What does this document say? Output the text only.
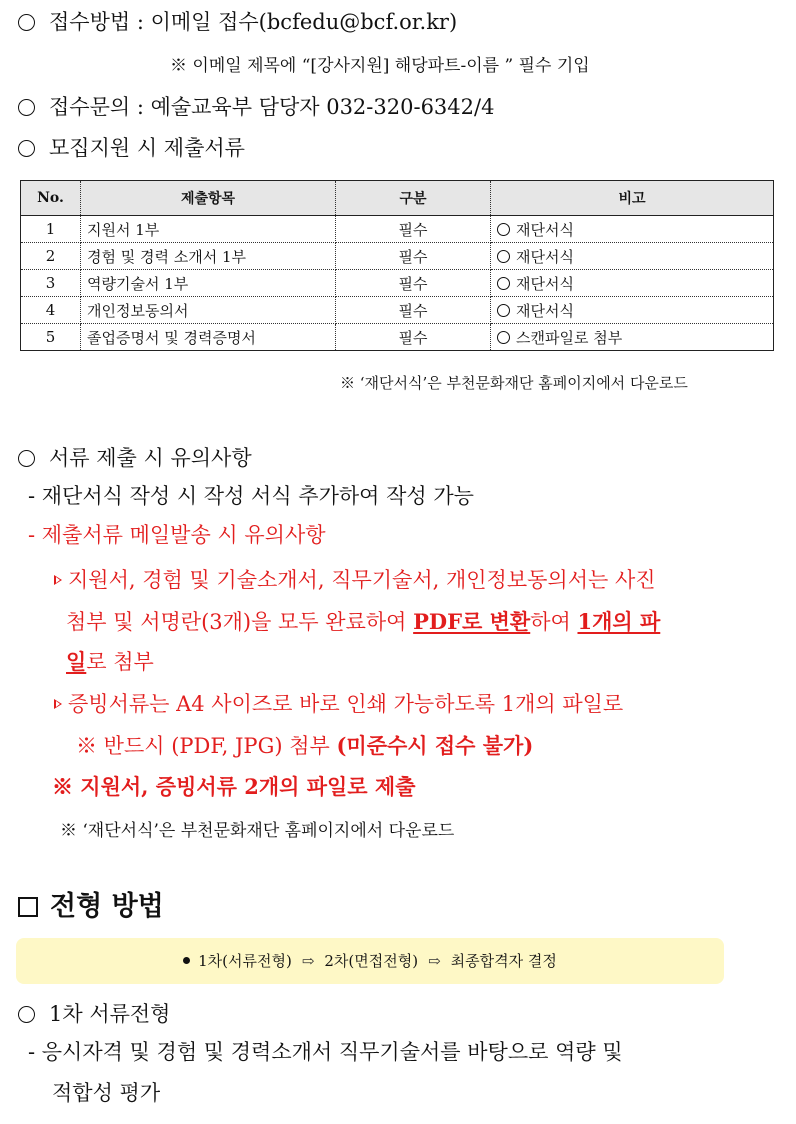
접수방법 : 이메일 접수(bcfedu@bcf.or.kr)
※ 이메일 제목에 “[강사지원] 해당파트-이름 ” 필수 기입
접수문의 : 예술교육부 담당자 032-320-6342/4
모집지원 시 제출서류
No.	제출항목	구분	비고
1	지원서 1부	필수	재단서식
2	경험 및 경력 소개서 1부	필수	재단서식
3	역량기술서 1부	필수	재단서식
4	개인정보동의서	필수	재단서식
5	졸업증명서 및 경력증명서	필수	스캔파일로 첨부
※ ‘재단서식’은 부천문화재단 홈페이지에서 다운로드
서류 제출 시 유의사항
- 재단서식 작성 시 작성 서식 추가하여 작성 가능
- 제출서류 메일발송 시 유의사항
지원서, 경험 및 기술소개서, 직무기술서, 개인정보동의서는 사진
첨부 및 서명란(3개)을 모두 완료하여 PDF로 변환하여 1개의 파
일로 첨부
증빙서류는 A4 사이즈로 바로 인쇄 가능하도록 1개의 파일로
※ 반드시 (PDF, JPG) 첨부 (미준수시 접수 불가)
※ 지원서, 증빙서류 2개의 파일로 제출
※ ‘재단서식’은 부천문화재단 홈페이지에서 다운로드
전형 방법
1차(서류전형) ⇨ 2차(면접전형) ⇨ 최종합격자 결정
1차 서류전형
- 응시자격 및 경험 및 경력소개서 직무기술서를 바탕으로 역량 및
적합성 평가
